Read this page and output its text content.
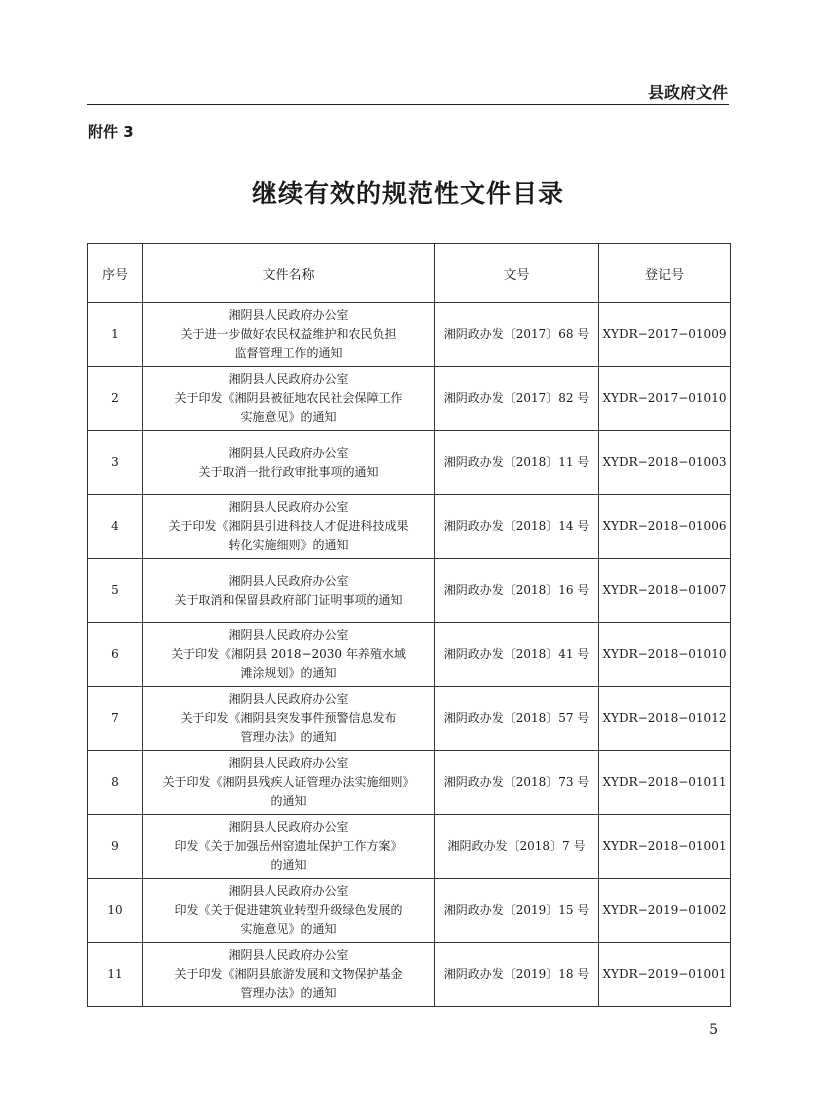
县政府文件
附件 3
继续有效的规范性文件目录
序号	文件名称	文号	登记号
1	湘阴县人民政府办公室
关于进一步做好农民权益维护和农民负担
监督管理工作的通知	湘阴政办发〔2017〕68 号	XYDR−2017−01009
2	湘阴县人民政府办公室
关于印发《湘阴县被征地农民社会保障工作
实施意见》的通知	湘阴政办发〔2017〕82 号	XYDR−2017−01010
3	湘阴县人民政府办公室
关于取消一批行政审批事项的通知	湘阴政办发〔2018〕11 号	XYDR−2018−01003
4	湘阴县人民政府办公室
关于印发《湘阴县引进科技人才促进科技成果
转化实施细则》的通知	湘阴政办发〔2018〕14 号	XYDR−2018−01006
5	湘阴县人民政府办公室
关于取消和保留县政府部门证明事项的通知	湘阴政办发〔2018〕16 号	XYDR−2018−01007
6	湘阴县人民政府办公室
关于印发《湘阴县 2018−2030 年养殖水域
滩涂规划》的通知	湘阴政办发〔2018〕41 号	XYDR−2018−01010
7	湘阴县人民政府办公室
关于印发《湘阴县突发事件预警信息发布
管理办法》的通知	湘阴政办发〔2018〕57 号	XYDR−2018−01012
8	湘阴县人民政府办公室
关于印发《湘阴县残疾人证管理办法实施细则》
的通知	湘阴政办发〔2018〕73 号	XYDR−2018−01011
9	湘阴县人民政府办公室
印发《关于加强岳州窑遗址保护工作方案》
的通知	湘阴政办发〔2018〕7 号	XYDR−2018−01001
10	湘阴县人民政府办公室
印发《关于促进建筑业转型升级绿色发展的
实施意见》的通知	湘阴政办发〔2019〕15 号	XYDR−2019−01002
11	湘阴县人民政府办公室
关于印发《湘阴县旅游发展和文物保护基金
管理办法》的通知	湘阴政办发〔2019〕18 号	XYDR−2019−01001
5
